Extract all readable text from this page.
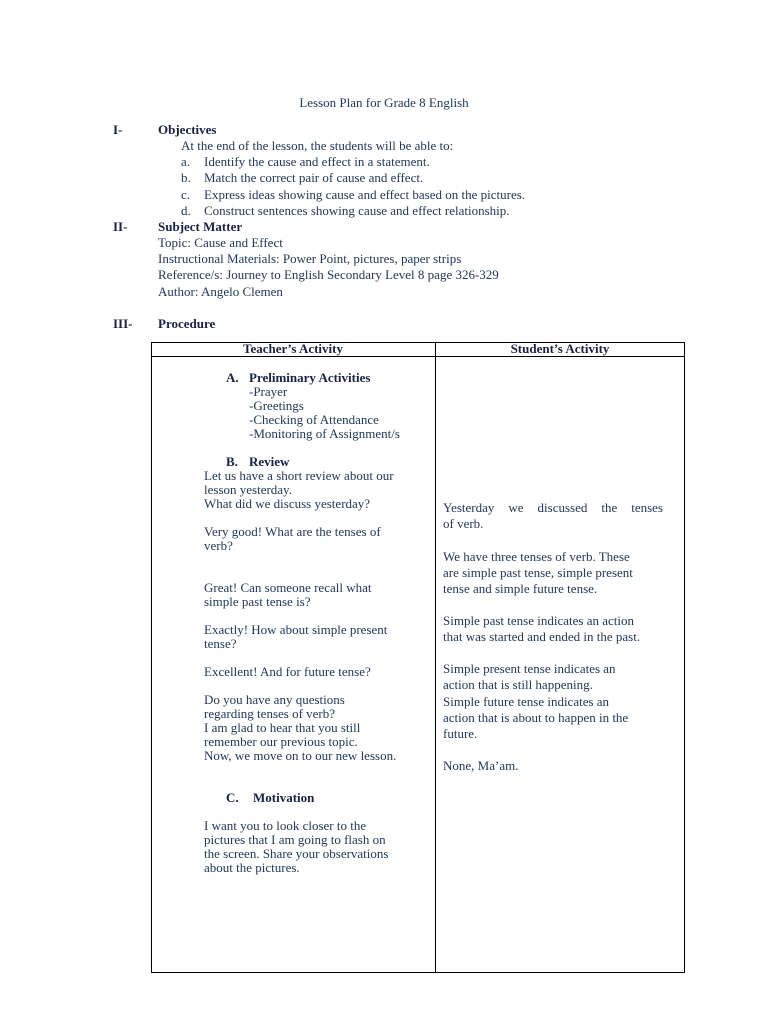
Lesson Plan for Grade 8 English
I-	Objectives
At the end of the lesson, the students will be able to:
a. Identify the cause and effect in a statement.
b. Match the correct pair of cause and effect.
c. Express ideas showing cause and effect based on the pictures.
d. Construct sentences showing cause and effect relationship.
II- Subject Matter
Topic: Cause and Effect
Instructional Materials: Power Point, pictures, paper strips
Reference/s: Journey to English Secondary Level 8 page 326-329
Author: Angelo Clemen
III- Procedure
Teacher’s Activity	Student’s Activity
A. Preliminary Activities
-Prayer
-Greetings
-Checking of Attendance
-Monitoring of Assignment/s
B. Review
Let us have a short review about our
lesson yesterday.
What did we discuss yesterday?
Very good! What are the tenses of
verb?
Great! Can someone recall what
simple past tense is?
Exactly! How about simple present
tense?
Excellent! And for future tense?
Do you have any questions
regarding tenses of verb?
I am glad to hear that you still
remember our previous topic.
Now, we move on to our new lesson.
C. Motivation
I want you to look closer to the
pictures that I am going to flash on
the screen. Share your observations
about the pictures.
Yesterday we discussed the tenses
of verb.
We have three tenses of verb. These
are simple past tense, simple present
tense and simple future tense.
Simple past tense indicates an action
that was started and ended in the past.
Simple present tense indicates an
action that is still happening.
Simple future tense indicates an
action that is about to happen in the
future.
None, Ma’am.
